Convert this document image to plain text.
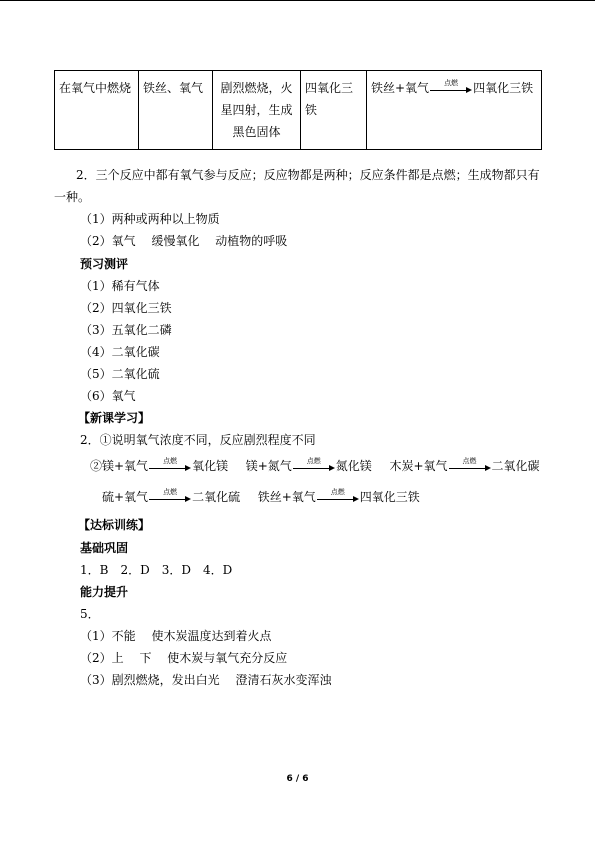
在氧气中燃烧	铁丝、氧气	剧烈燃烧，火星四射，生成黑色固体	四氧化三铁	铁丝+氧气	点燃	四氧化三铁
2．三个反应中都有氧气参与反应；反应物都是两种；反应条件都是点燃；生成物都只有
一种。
（1）两种或两种以上物质
（2）氧气　 缓慢氧化　 动植物的呼吸
预习测评
（1）稀有气体
（2）四氧化三铁
（3）五氧化二磷
（4）二氧化碳
（5）二氧化硫
（6）氧气
【新课学习】
2．①说明氧气浓度不同，反应剧烈程度不同
②镁+氧气	点燃	氧化镁 镁+氮气	点燃	氮化镁 木炭+氧气	点燃	二氧化碳
硫+氧气	点燃	二氧化硫 铁丝+氧气	点燃	四氧化三铁
【达标训练】
基础巩固
1．B　2．D　3．D　4．D
能力提升
5．
（1）不能　 使木炭温度达到着火点
（2）上　 下　 使木炭与氧气充分反应
（3）剧烈燃烧，发出白光　 澄清石灰水变浑浊
6 / 6
